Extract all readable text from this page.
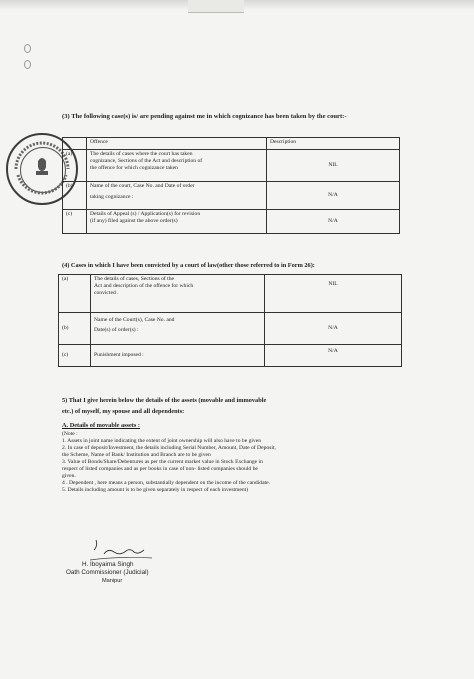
(3) The following case(s) is/ are pending against me in which cognizance has been taken by the court:-
	Offence	Description
(a)	The details of cases where the court has taken
cognizance, Sections of the Act and description of
the offence for which cognizance taken	NIL
(b)	Name of the court, Case No. and Date of order
taking cognizance :	N/A
(c)	Details of Appeal (s) / Application(s) for revision
(if any) filed against the above order(s)	N/A
(4) Cases in which I have been convicted by a court of law(other those referred to in Form 26):
(a)	The details of cases, Sections of the
Act and description of the offence for which
convicted .	NIL
(b)	Name of the Court(s), Case No. and
Date(s) of order(s) :	N/A
(c)	Punishment imposed :	N/A
5) That I give herein below the details of the assets (movable and immovable
etc.) of myself, my spouse and all dependents:
A. Details of movable assets :
(Note :
1. Assets in joint name indicating the extent of joint ownership will also have to be given
2. In case of deposit/Investment, the details including Serial Number, Amount, Date of Deposit,
the Scheme, Name of Bank/ Institution and Branch are to be given
3. Value of Bonds/Share/Debentures as per the current market value in Stock Exchange in
respect of listed companies and as per books in case of non- listed companies should be
given.
4 . Dependent , here means a person, substantially dependent on the income of the candidate.
5. Details including amount is to be given separately in respect of each investment)
H. Iboyaima Singh
Oath Commissioner (Judicial)
Manipur
